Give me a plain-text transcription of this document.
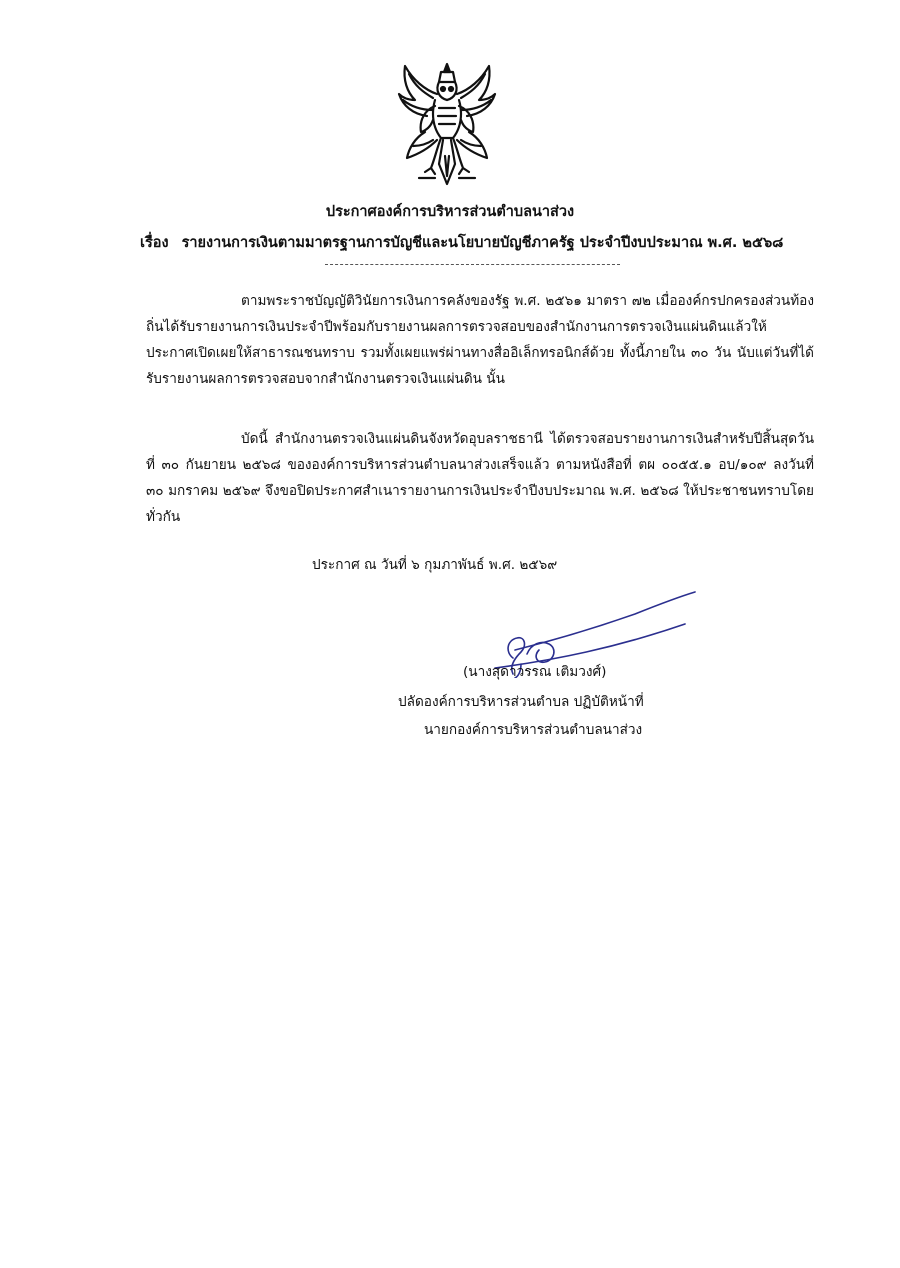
ประกาศองค์การบริหารส่วนตำบลนาส่วง
เรื่อง รายงานการเงินตามมาตรฐานการบัญชีและนโยบายบัญชีภาครัฐ ประจำปีงบประมาณ พ.ศ. ๒๕๖๘
ตามพระราชบัญญัติวินัยการเงินการคลังของรัฐ พ.ศ. ๒๕๖๑ มาตรา ๗๒ เมื่อองค์กรปกครองส่วนท้องถิ่นได้รับรายงานการเงินประจำปีพร้อมกับรายงานผลการตรวจสอบของสำนักงานการตรวจเงินแผ่นดินแล้วให้ประกาศเปิดเผยให้สาธารณชนทราบ รวมทั้งเผยแพร่ผ่านทางสื่ออิเล็กทรอนิกส์ด้วย ทั้งนี้ภายใน ๓๐ วัน นับแต่วันที่ได้รับรายงานผลการตรวจสอบจากสำนักงานตรวจเงินแผ่นดิน นั้น
บัดนี้ สำนักงานตรวจเงินแผ่นดินจังหวัดอุบลราชธานี ได้ตรวจสอบรายงานการเงินสำหรับปีสิ้นสุดวันที่ ๓๐ กันยายน ๒๕๖๘ ขององค์การบริหารส่วนตำบลนาส่วงเสร็จแล้ว ตามหนังสือที่ ตผ ๐๐๕๕.๑ อบ/๑๐๙ ลงวันที่ ๓๐ มกราคม ๒๕๖๙ จึงขอปิดประกาศสำเนารายงานการเงินประจำปีงบประมาณ พ.ศ. ๒๕๖๘ ให้ประชาชนทราบโดยทั่วกัน
ประกาศ ณ วันที่ ๖ กุมภาพันธ์ พ.ศ. ๒๕๖๙
(นางสุดาวรรณ เติมวงศ์)
ปลัดองค์การบริหารส่วนตำบล ปฏิบัติหน้าที่
นายกองค์การบริหารส่วนตำบลนาส่วง
